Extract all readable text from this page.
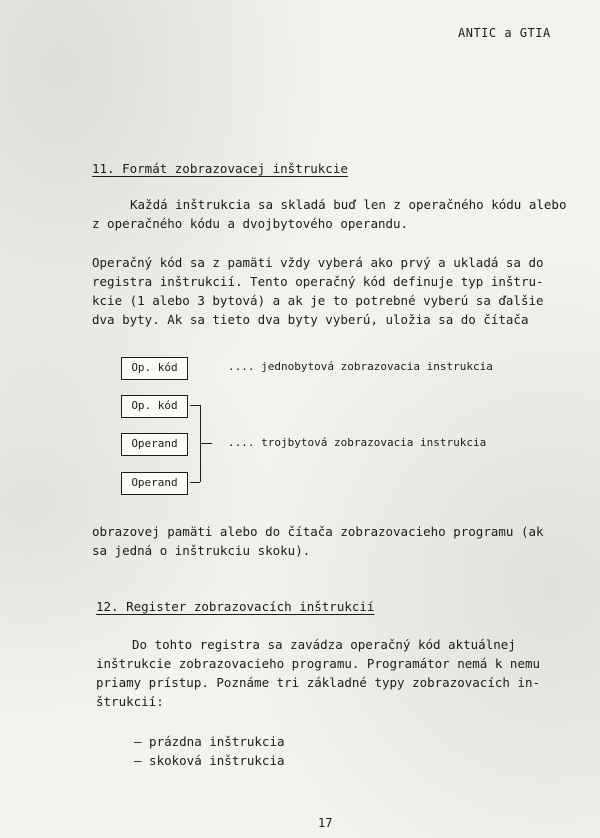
ANTIC a GTIA
11. Formát zobrazovacej inštrukcie
Každá inštrukcia sa skladá buď len z operačného kódu alebo
z operačného kódu a dvojbytového operandu.
Operačný kód sa z pamäti vždy vyberá ako prvý a ukladá sa do
registra inštrukcií. Tento operačný kód definuje typ inštru-
kcie (1 alebo 3 bytová) a ak je to potrebné vyberú sa ďalšie
dva byty. Ak sa tieto dva byty vyberú, uložia sa do čítača
Op. kód	.... jednobytová zobrazovacia instrukcia
Op. kód
Operand
Operand
.... trojbytová zobrazovacia instrukcia
obrazovej pamäti alebo do čítača zobrazovacieho programu (ak
sa jedná o inštrukciu skoku).
12. Register zobrazovacích inštrukcií
Do tohto registra sa zavádza operačný kód aktuálnej
inštrukcie zobrazovacieho programu. Programátor nemá k nemu
priamy prístup. Poznáme tri základné typy zobrazovacích in-
štrukcií:
– prázdna inštrukcia
– skoková inštrukcia
17
